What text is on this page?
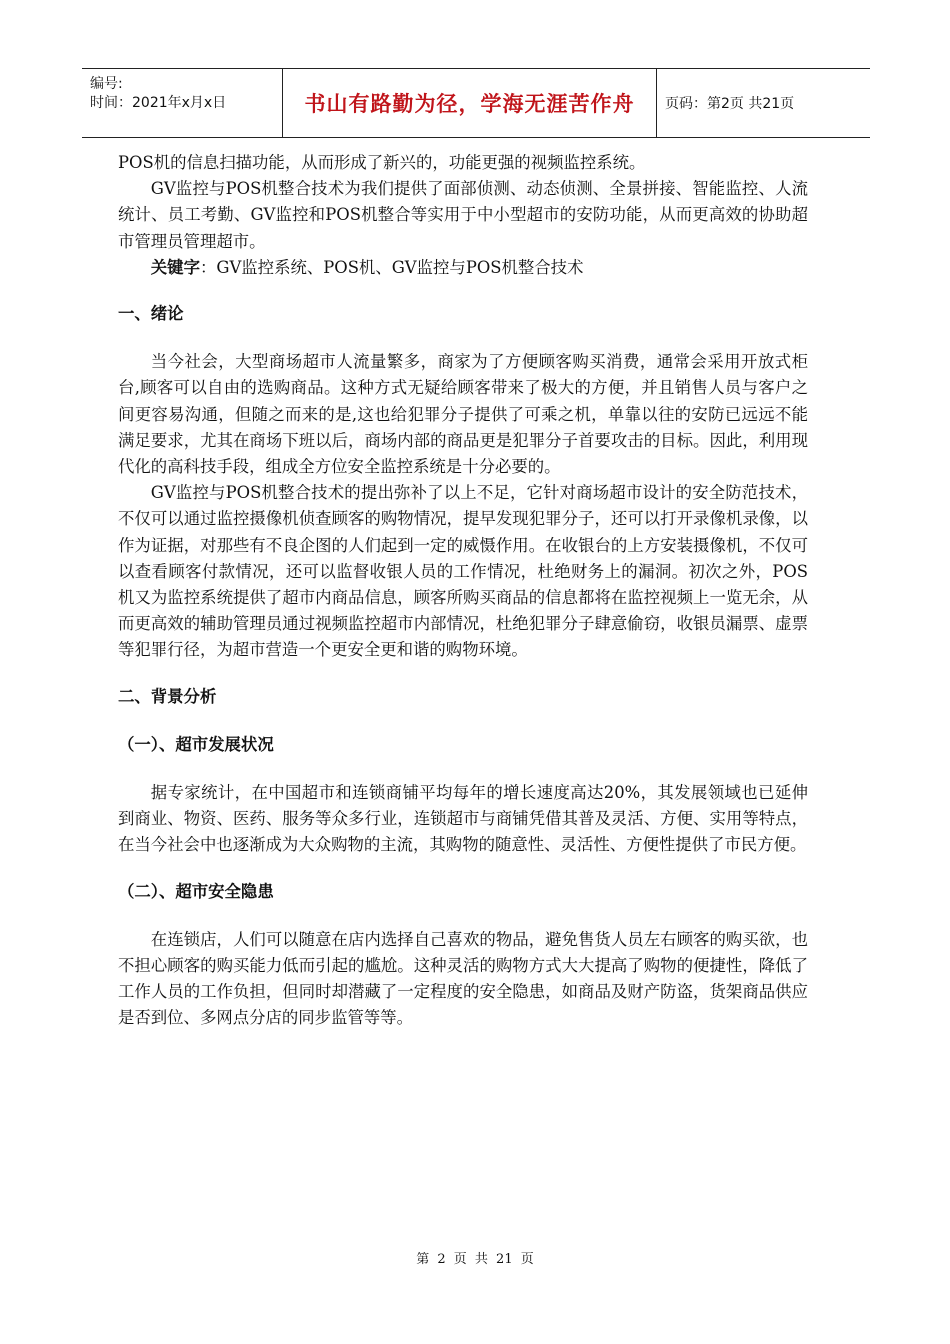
编号:
时间：2021年x月x日	书山有路勤为径，学海无涯苦作舟	页码：第2页 共21页

POS机的信息扫描功能，从而形成了新兴的，功能更强的视频监控系统。

GV监控与POS机整合技术为我们提供了面部侦测、动态侦测、全景拼接、智能监控、人流统计、员工考勤、GV监控和POS机整合等实用于中小型超市的安防功能，从而更高效的协助超市管理员管理超市。

关键字：GV监控系统、POS机、GV监控与POS机整合技术

一、绪论

当今社会，大型商场超市人流量繁多，商家为了方便顾客购买消费，通常会采用开放式柜台,顾客可以自由的选购商品。这种方式无疑给顾客带来了极大的方便，并且销售人员与客户之间更容易沟通，但随之而来的是,这也给犯罪分子提供了可乘之机，单靠以往的安防已远远不能满足要求，尤其在商场下班以后，商场内部的商品更是犯罪分子首要攻击的目标。因此，利用现代化的高科技手段，组成全方位安全监控系统是十分必要的。

GV监控与POS机整合技术的提出弥补了以上不足，它针对商场超市设计的安全防范技术，不仅可以通过监控摄像机侦查顾客的购物情况，提早发现犯罪分子，还可以打开录像机录像，以作为证据，对那些有不良企图的人们起到一定的威慑作用。在收银台的上方安装摄像机，不仅可以查看顾客付款情况，还可以监督收银人员的工作情况，杜绝财务上的漏洞。初次之外，POS机又为监控系统提供了超市内商品信息，顾客所购买商品的信息都将在监控视频上一览无余，从而更高效的辅助管理员通过视频监控超市内部情况，杜绝犯罪分子肆意偷窃，收银员漏票、虚票等犯罪行径，为超市营造一个更安全更和谐的购物环境。

二、背景分析

（一）、超市发展状况

据专家统计，在中国超市和连锁商铺平均每年的增长速度高达20%，其发展领域也已延伸到商业、物资、医药、服务等众多行业，连锁超市与商铺凭借其普及灵活、方便、实用等特点，在当今社会中也逐渐成为大众购物的主流，其购物的随意性、灵活性、方便性提供了市民方便。

（二）、超市安全隐患

在连锁店，人们可以随意在店内选择自己喜欢的物品，避免售货人员左右顾客的购买欲，也不担心顾客的购买能力低而引起的尴尬。这种灵活的购物方式大大提高了购物的便捷性，降低了工作人员的工作负担，但同时却潜藏了一定程度的安全隐患，如商品及财产防盗，货架商品供应是否到位、多网点分店的同步监管等等。

第 2 页 共 21 页
